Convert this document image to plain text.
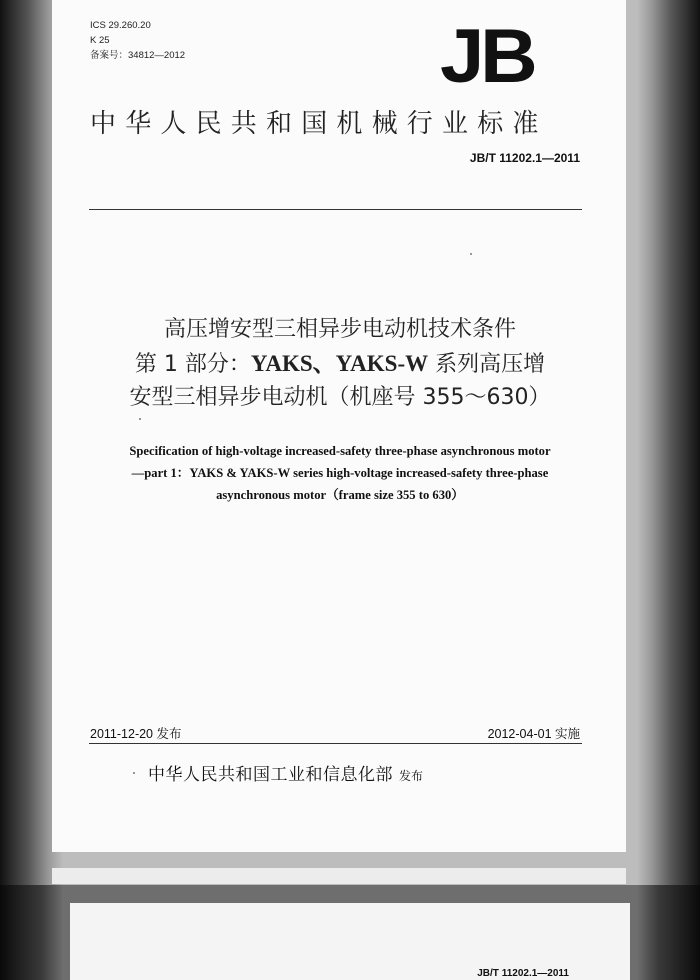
ICS 29.260.20
K 25
备案号：34812—2012	JB
中华人民共和国机械行业标准
JB/T 11202.1—2011
高压增安型三相异步电动机技术条件
第 1 部分：YAKS、YAKS-W 系列高压增
安型三相异步电动机（机座号 355～630）
Specification of high-voltage increased-safety three-phase asynchronous motor
—part 1：YAKS & YAKS-W series high-voltage increased-safety three-phase
asynchronous motor（frame size 355 to 630）
2011-12-20 发布	2012-04-01 实施
中华人民共和国工业和信息化部 发布
JB/T 11202.1—2011
